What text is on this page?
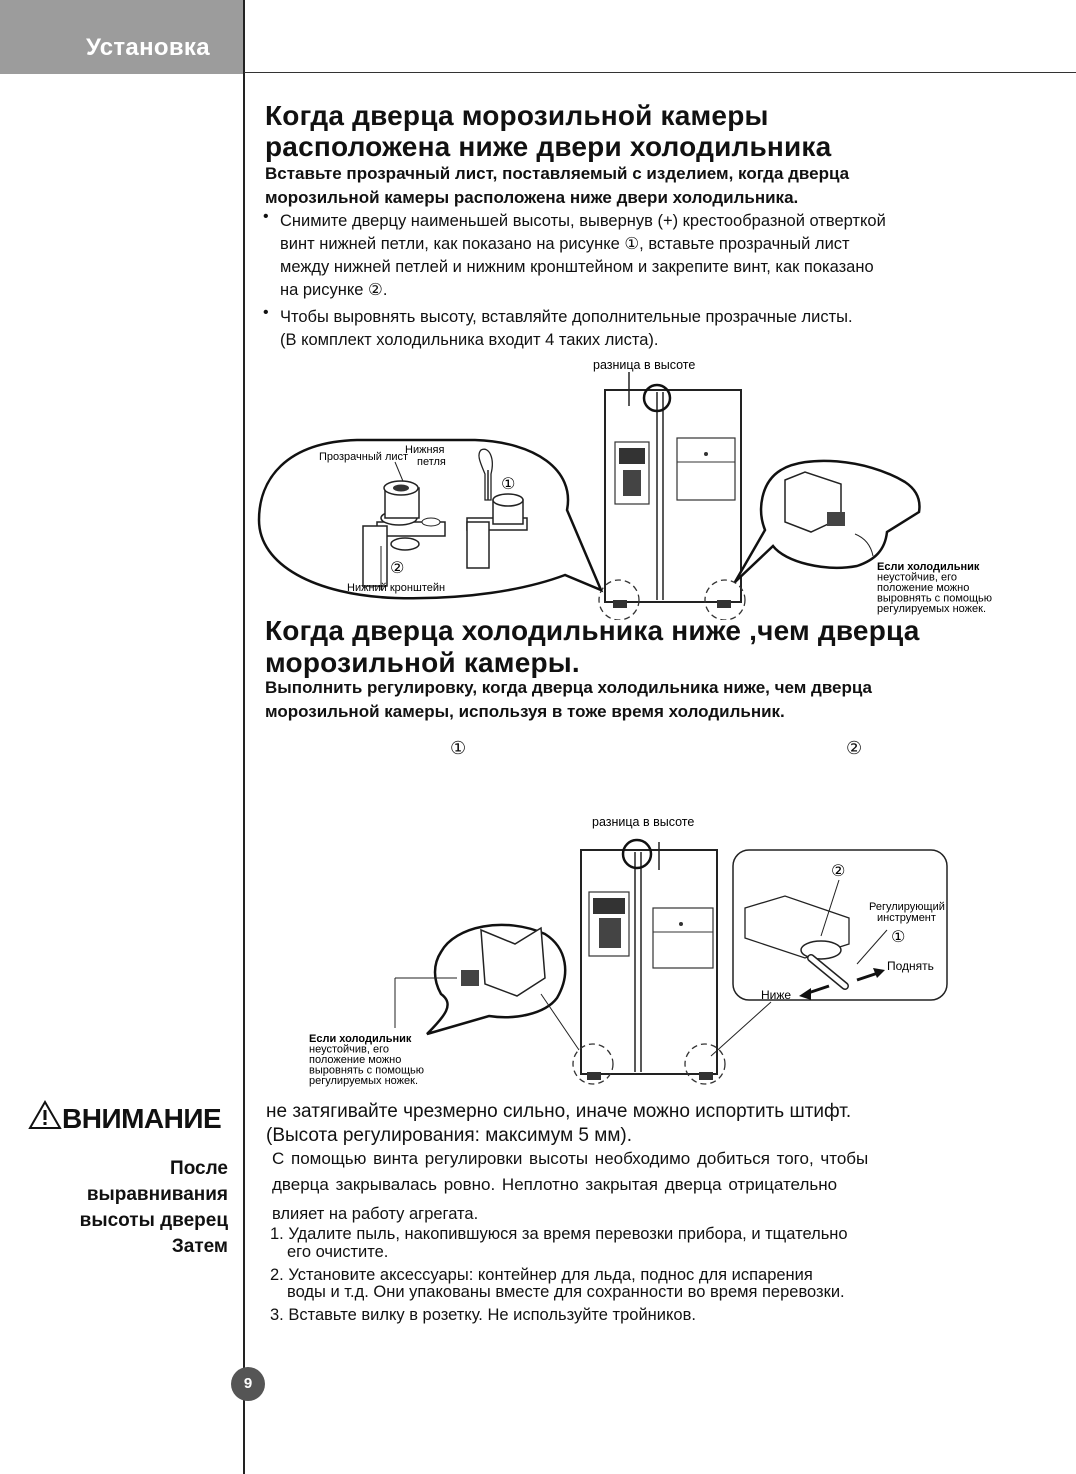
Установка
Когда дверца морозильной камеры
расположена ниже двери холодильника
Вставьте прозрачный лист, поставляемый с изделием, когда дверца
морозильной камеры расположена ниже двери холодильника.
• Снимите дверцу наименьшей высоты, вывернув (+) крестообразной отверткой
винт нижней петли, как показано на рисунке ①, вставьте прозрачный лист
между нижней петлей и нижним кронштейном и закрепите винт, как показано
на рисунке ②.
• Чтобы выровнять высоту, вставляйте дополнительные прозрачные листы.
(В комплект холодильника входит 4 таких листа).
разница в высоте
Прозрачный лист
Нижняя
петля
①
②
Нижний кронштейн
Если холодильник
неустойчив, его
положение можно
выровнять с помощью
регулируемых ножек.
Когда дверца холодильника ниже ,чем дверца
морозильной камеры.
Выполнить регулировку, когда дверца холодильника ниже, чем дверца
морозильной камеры, используя в тоже время холодильник.
①	②
разница в высоте
Если холодильник
неустойчив, его
положение можно
выровнять с помощью
регулируемых ножек.
②
Регулирующий
инструмент
①
Поднять
Ниже
ВНИМАНИЕ
После
выравнивания
высоты дверец
Затем
не затягивайте чрезмерно сильно, иначе можно испортить штифт.
(Высота регулирования: максимум 5 мм).
С помощью винта регулировки высоты необходимо добиться того, чтобы
дверца закрывалась ровно. Неплотно закрытая дверца отрицательно
влияет на работу агрегата.
1. Удалите пыль, накопившуюся за время перевозки прибора, и тщательно
его очистите.
2. Установите аксессуары: контейнер для льда, поднос для испарения
воды и т.д. Они упакованы вместе для сохранности во время перевозки.
3. Вставьте вилку в розетку. Не используйте тройников.
9
